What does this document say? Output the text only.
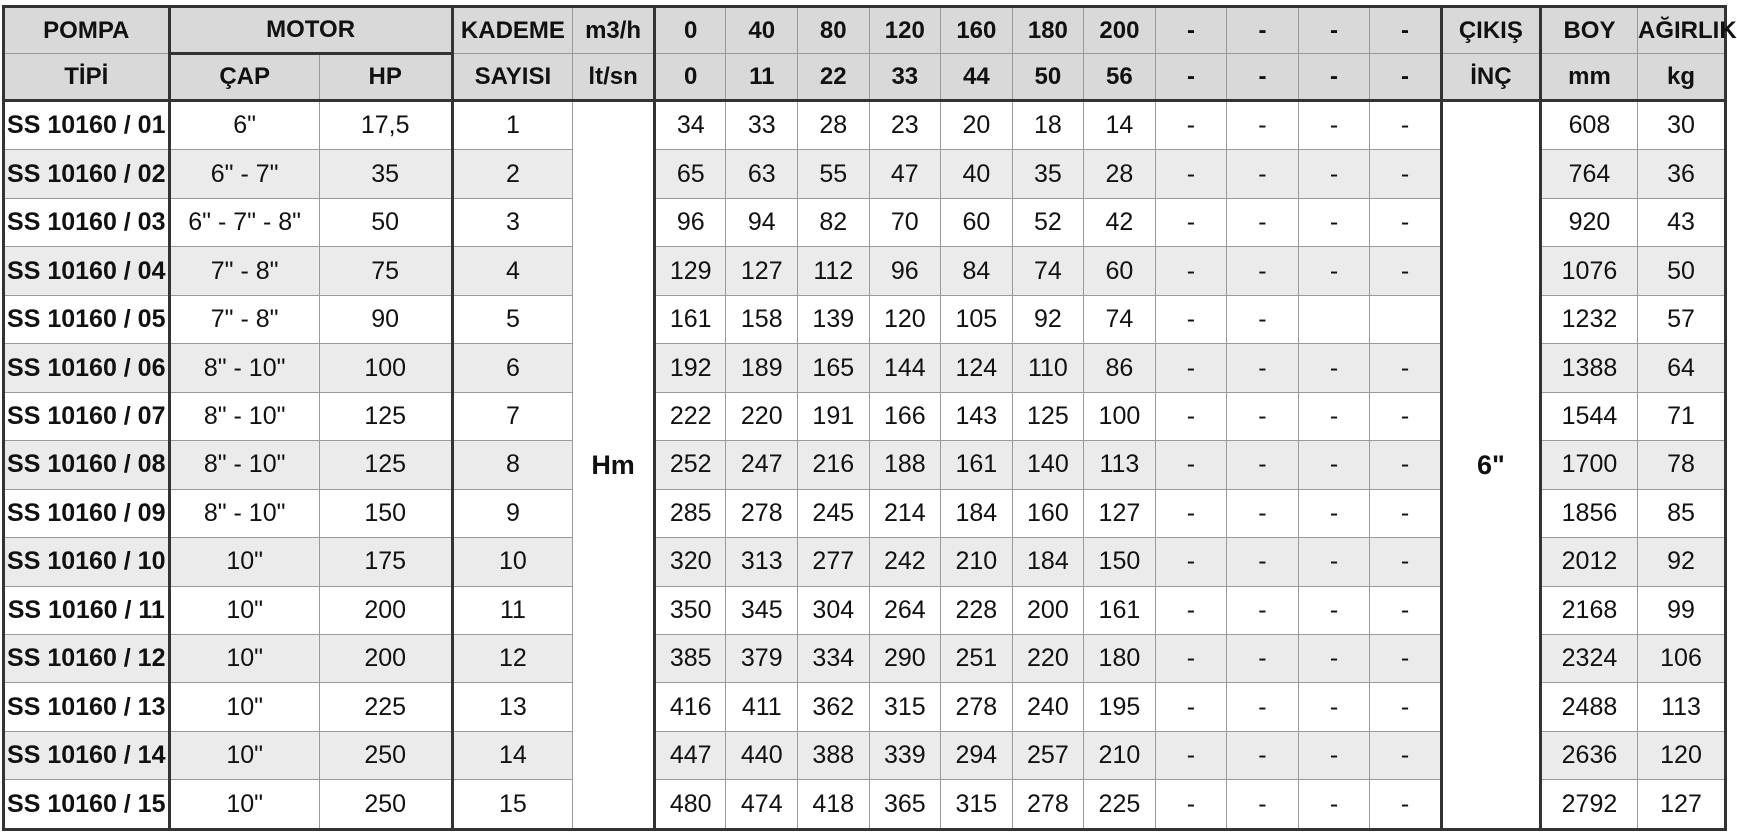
POMPA	MOTOR		KADEME	m3/h	0	40	80	120	160	180	200	-	-	-	-	ÇIKIŞ	BOY	AĞIRLIK
TİPİ	ÇAP	HP	SAYISI	lt/sn	0	11	22	33	44	50	56	-	-	-	-	İNÇ	mm	kg
SS 10160 / 01	6"	17,5	1	Hm	34	33	28	23	20	18	14	-	-	-	-	6"	608	30
SS 10160 / 02	6" - 7"	35	2		65	63	55	47	40	35	28	-	-	-	-		764	36
SS 10160 / 03	6" - 7" - 8"	50	3		96	94	82	70	60	52	42	-	-	-	-		920	43
SS 10160 / 04	7" - 8"	75	4		129	127	112	96	84	74	60	-	-	-	-		1076	50
SS 10160 / 05	7" - 8"	90	5		161	158	139	120	105	92	74	-	-				1232	57
SS 10160 / 06	8" - 10"	100	6		192	189	165	144	124	110	86	-	-	-	-		1388	64
SS 10160 / 07	8" - 10"	125	7		222	220	191	166	143	125	100	-	-	-	-		1544	71
SS 10160 / 08	8" - 10"	125	8		252	247	216	188	161	140	113	-	-	-	-		1700	78
SS 10160 / 09	8" - 10"	150	9		285	278	245	214	184	160	127	-	-	-	-		1856	85
SS 10160 / 10	10"	175	10		320	313	277	242	210	184	150	-	-	-	-		2012	92
SS 10160 / 11	10"	200	11		350	345	304	264	228	200	161	-	-	-	-		2168	99
SS 10160 / 12	10"	200	12		385	379	334	290	251	220	180	-	-	-	-		2324	106
SS 10160 / 13	10"	225	13		416	411	362	315	278	240	195	-	-	-	-		2488	113
SS 10160 / 14	10"	250	14		447	440	388	339	294	257	210	-	-	-	-		2636	120
SS 10160 / 15	10"	250	15		480	474	418	365	315	278	225	-	-	-	-		2792	127
